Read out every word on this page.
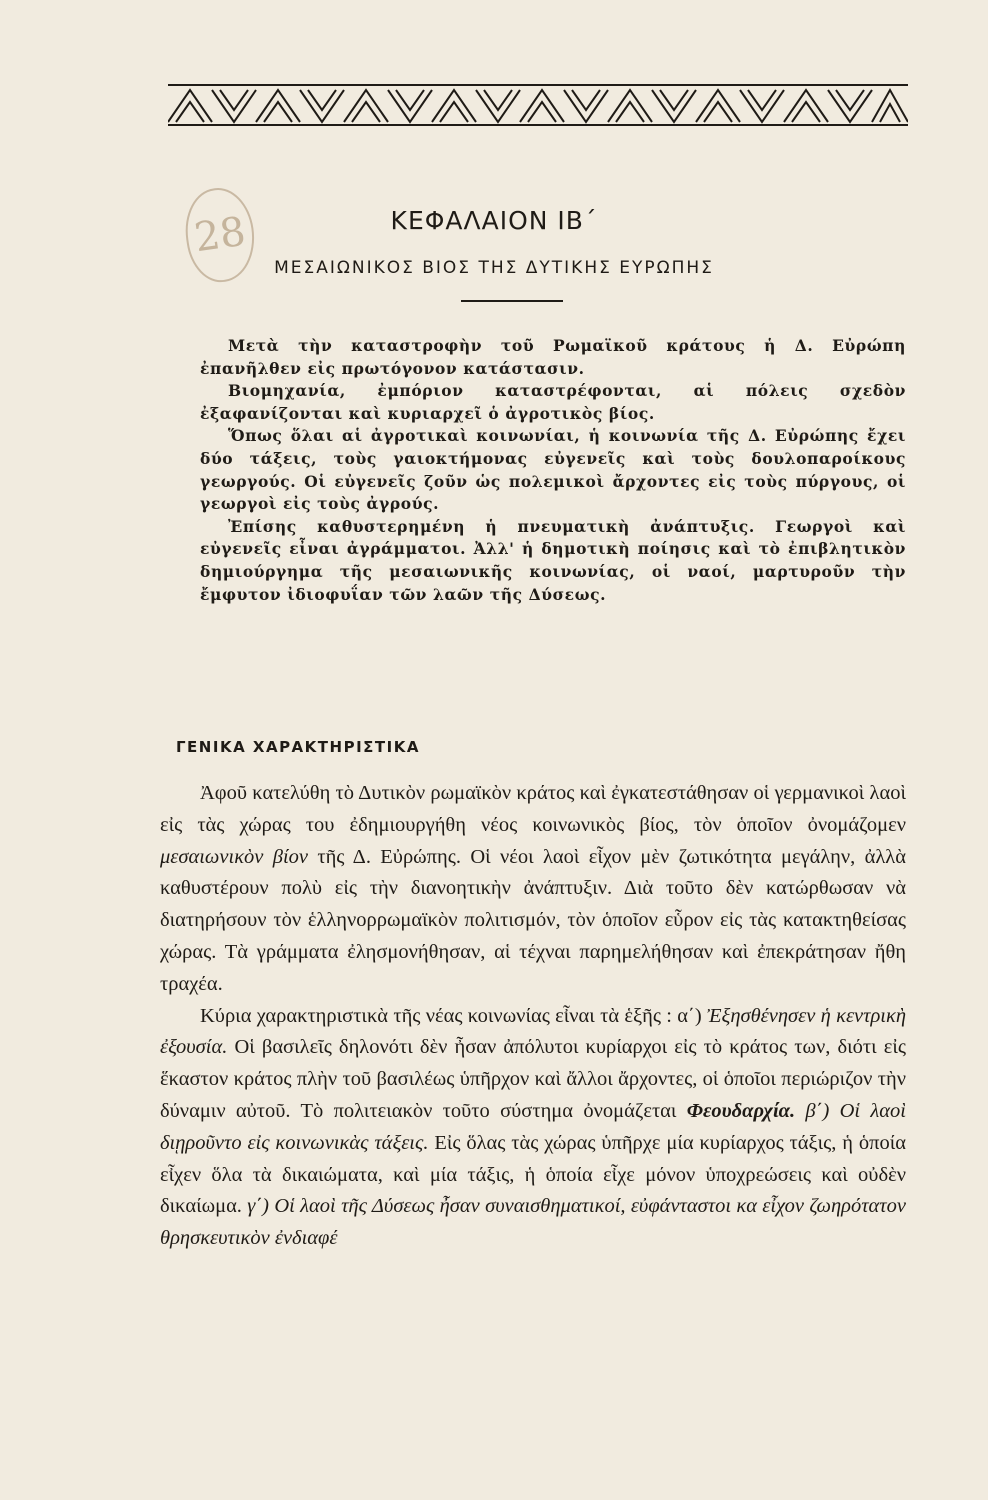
28	ΚΕΦΑΛΑΙΟΝ ΙΒ΄
ΜΕΣΑΙΩΝΙΚΟΣ ΒΙΟΣ ΤΗΣ ΔΥΤΙΚΗΣ ΕΥΡΩΠΗΣ

Μετὰ τὴν καταστροφὴν τοῦ Ρωμαϊκοῦ κράτους ἡ Δ. Εὐρώπη ἐπανῆλθεν εἰς πρωτόγονον κατάστασιν.

Βιομηχανία, ἐμπόριον καταστρέφονται, αἱ πόλεις σχεδὸν ἐξαφανίζονται καὶ κυριαρχεῖ ὁ ἀγροτικὸς βίος.

Ὅπως ὅλαι αἱ ἀγροτικαὶ κοινωνίαι, ἡ κοινωνία τῆς Δ. Εὐρώπης ἔχει δύο τάξεις, τοὺς γαιοκτήμονας εὐγενεῖς καὶ τοὺς δουλοπαροίκους γεωργούς. Οἱ εὐγενεῖς ζοῦν ὡς πολεμικοὶ ἄρχοντες εἰς τοὺς πύργους, οἱ γεωργοὶ εἰς τοὺς ἀγρούς.

Ἐπίσης καθυστερημένη ἡ πνευματικὴ ἀνάπτυξις. Γεωργοὶ καὶ εὐγενεῖς εἶναι ἀγράμματοι. Ἀλλ' ἡ δημοτικὴ ποίησις καὶ τὸ ἐπιβλητικὸν δημιούργημα τῆς μεσαιωνικῆς κοινωνίας, οἱ ναοί, μαρτυροῦν τὴν ἔμφυτον ἰδιοφυΐαν τῶν λαῶν τῆς Δύσεως.

ΓΕΝΙΚΑ ΧΑΡΑΚΤΗΡΙΣΤΙΚΑ

Ἀφοῦ κατελύθη τὸ Δυτικὸν ρωμαϊκὸν κράτος καὶ ἐγκατεστάθησαν οἱ γερμανικοὶ λαοὶ εἰς τὰς χώρας του ἐδημιουργήθη νέος κοινωνικὸς βίος, τὸν ὁποῖον ὀνομάζομεν μεσαιωνικὸν βίον τῆς Δ. Εὐρώπης. Οἱ νέοι λαοὶ εἶχον μὲν ζωτικότητα μεγάλην, ἀλλὰ καθυστέρουν πολὺ εἰς τὴν διανοητικὴν ἀνάπτυξιν. Διὰ τοῦτο δὲν κατώρθωσαν νὰ διατηρήσουν τὸν ἑλληνορρωμαϊκὸν πολιτισμόν, τὸν ὁποῖον εὗρον εἰς τὰς κατακτηθείσας χώρας. Τὰ γράμματα ἐλησμονήθησαν, αἱ τέχναι παρημελήθησαν καὶ ἐπεκράτησαν ἤθη τραχέα.

Κύρια χαρακτηριστικὰ τῆς νέας κοινωνίας εἶναι τὰ ἑξῆς : α΄) Ἐξησθένησεν ἡ κεντρικὴ ἐξουσία. Οἱ βασιλεῖς δηλονότι δὲν ἦσαν ἀπόλυτοι κυρίαρχοι εἰς τὸ κράτος των, διότι εἰς ἕκαστον κράτος πλὴν τοῦ βασιλέως ὑπῆρχον καὶ ἄλλοι ἄρχοντες, οἱ ὁποῖοι περιώριζον τὴν δύναμιν αὐτοῦ. Τὸ πολιτειακὸν τοῦτο σύστημα ὀνομάζεται Φεουδαρχία. β΄) Οἱ λαοὶ διῃροῦντο εἰς κοινωνικὰς τάξεις. Εἰς ὅλας τὰς χώρας ὑπῆρχε μία κυρίαρχος τάξις, ἡ ὁποία εἶχεν ὅλα τὰ δικαιώματα, καὶ μία τάξις, ἡ ὁποία εἶχε μόνον ὑποχρεώσεις καὶ οὐδὲν δικαίωμα. γ΄) Οἱ λαοὶ τῆς Δύσεως ἦσαν συναισθηματικοί, εὐφάνταστοι κα εἶχον ζωηρότατον θρησκευτικὸν ἐνδιαφέ
